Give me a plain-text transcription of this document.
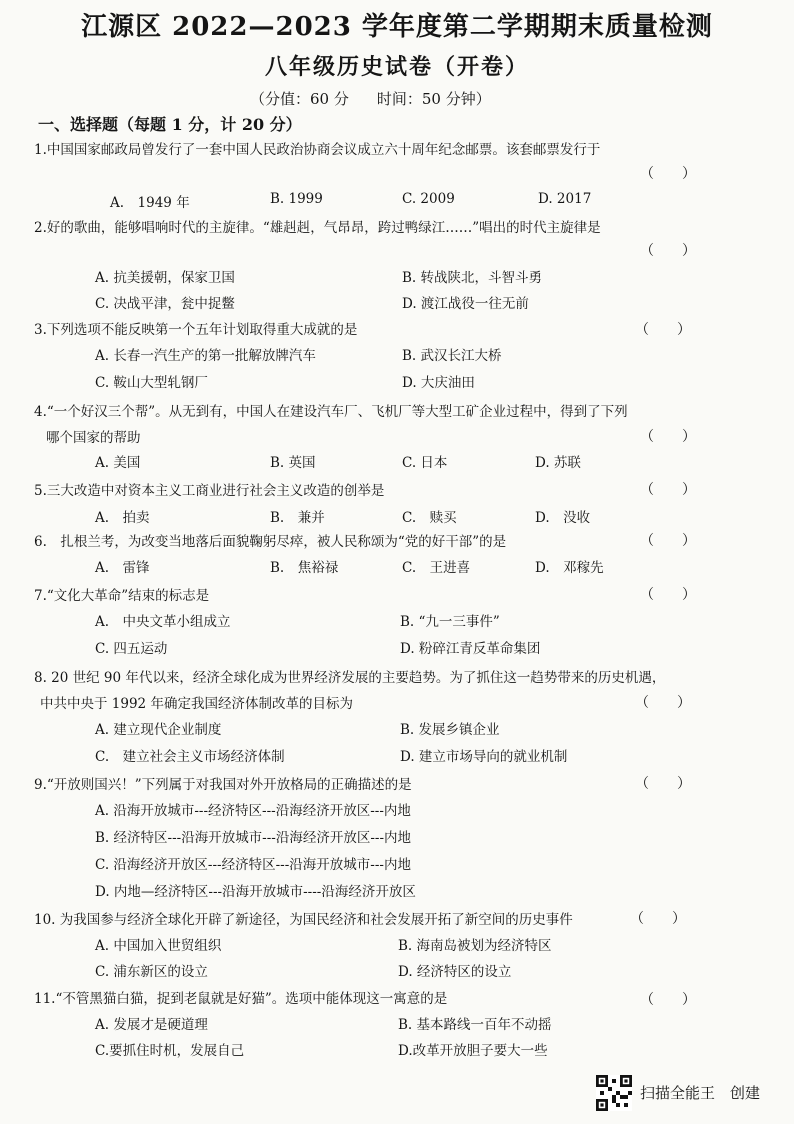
江源区 2022—2023 学年度第二学期期末质量检测
八年级历史试卷（开卷）
（分值：60 分 时间：50 分钟）
一、选择题（每题 1 分，计 20 分）
1.中国国家邮政局曾发行了一套中国人民政治协商会议成立六十周年纪念邮票。该套邮票发行于
（　　）
A.　1949 年	B. 1999	C. 2009	D. 2017
2.好的歌曲，能够唱响时代的主旋律。“雄赳赳，气昂昂，跨过鸭绿江……”唱出的时代主旋律是
（　　）
A. 抗美援朝，保家卫国	B. 转战陕北，斗智斗勇
C. 决战平津，瓮中捉鳖	D. 渡江战役一往无前
3.下列选项不能反映第一个五年计划取得重大成就的是	（　　）
A. 长春一汽生产的第一批解放牌汽车	B. 武汉长江大桥
C. 鞍山大型轧钢厂	D. 大庆油田
4.“一个好汉三个帮”。从无到有，中国人在建设汽车厂、飞机厂等大型工矿企业过程中，得到了下列
哪个国家的帮助	（　　）
A. 美国	B. 英国	C. 日本	D. 苏联
5.三大改造中对资本主义工商业进行社会主义改造的创举是	（　　）
A.　拍卖	B.　兼并	C.　赎买	D.　没收
6.　扎根兰考，为改变当地落后面貌鞠躬尽瘁，被人民称颂为“党的好干部”的是	（　　）
A.　雷锋	B.　焦裕禄	C.　王进喜	D.　邓稼先
7.“文化大革命”结束的标志是	（　　）
A.　中央文革小组成立	B. “九一三事件”
C. 四五运动	D. 粉碎江青反革命集团
8. 20 世纪 90 年代以来，经济全球化成为世界经济发展的主要趋势。为了抓住这一趋势带来的历史机遇，
中共中央于 1992 年确定我国经济体制改革的目标为	（　　）
A. 建立现代企业制度	B. 发展乡镇企业
C.　建立社会主义市场经济体制	D. 建立市场导向的就业机制
9.“开放则国兴！”下列属于对我国对外开放格局的正确描述的是	（　　）
A. 沿海开放城市---经济特区---沿海经济开放区---内地
B. 经济特区---沿海开放城市---沿海经济开放区---内地
C. 沿海经济开放区---经济特区---沿海开放城市---内地
D. 内地—经济特区---沿海开放城市----沿海经济开放区
10. 为我国参与经济全球化开辟了新途径，为国民经济和社会发展开拓了新空间的历史事件	（　　）
A. 中国加入世贸组织	B. 海南岛被划为经济特区
C. 浦东新区的设立	D. 经济特区的设立
11.“不管黑猫白猫，捉到老鼠就是好猫”。选项中能体现这一寓意的是	（　　）
A. 发展才是硬道理	B. 基本路线一百年不动摇
C.要抓住时机，发展自己	D.改革开放胆子要大一些
扫描全能王　创建
